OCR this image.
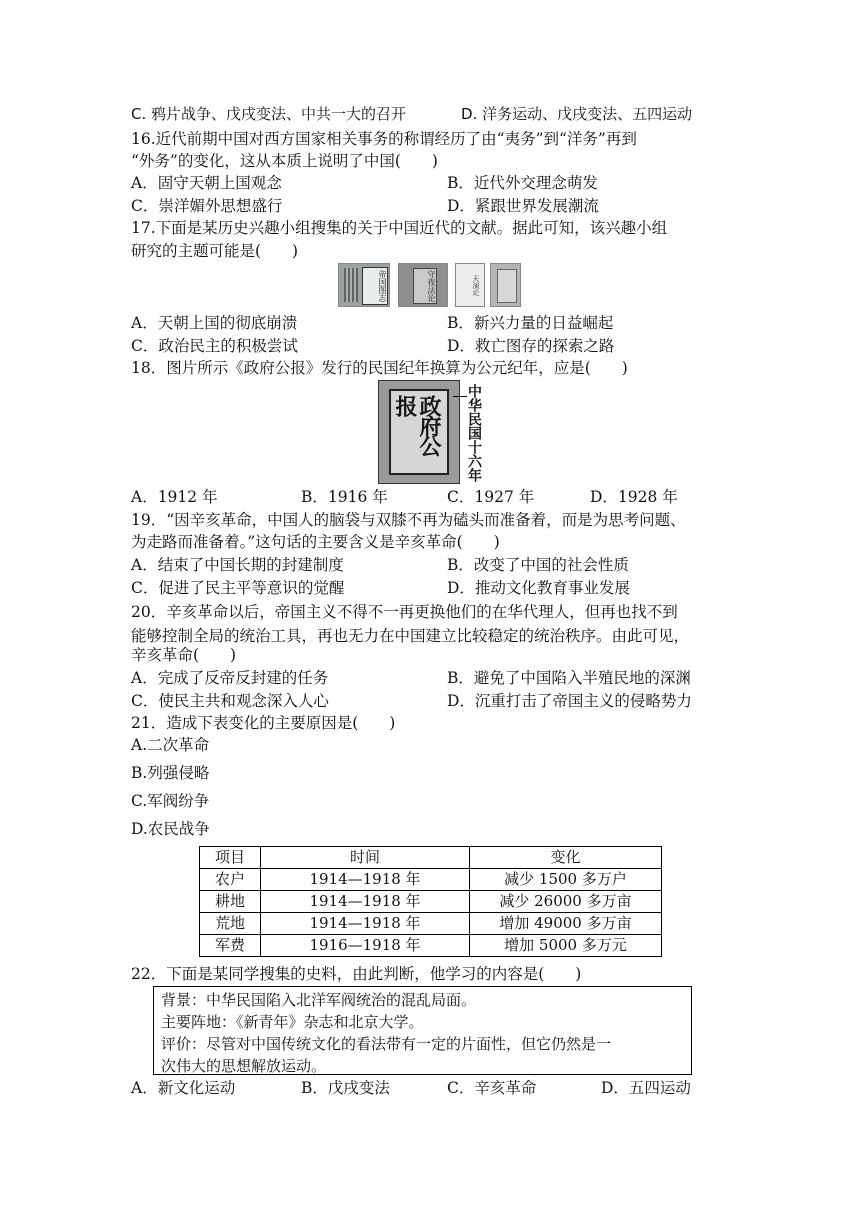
C. 鸦片战争、戊戌变法、中共一大的召开	D. 洋务运动、戊戌变法、五四运动
16.近代前期中国对西方国家相关事务的称谓经历了由“夷务”到“洋务”再到
“外务”的变化，这从本质上说明了中国(　　)
A．固守天朝上国观念	B．近代外交理念萌发
C．崇洋媚外思想盛行	D．紧跟世界发展潮流
17.下面是某历史兴趣小组搜集的关于中国近代的文献。据此可知，该兴趣小组
研究的主题可能是(　　)
帝国图志	守夜法论	天演论
A．天朝上国的彻底崩溃	B．新兴力量的日益崛起
C．政治民主的积极尝试	D．救亡图存的探索之路
18．图片所示《政府公报》发行的民国纪年换算为公元纪年，应是(　　)
政府公报	中华民国十六年
A．1912 年	B．1916 年	C．1927 年	D．1928 年
19．“因辛亥革命，中国人的脑袋与双膝不再为磕头而准备着，而是为思考问题、
为走路而准备着。”这句话的主要含义是辛亥革命(　　)
A．结束了中国长期的封建制度	B．改变了中国的社会性质
C．促进了民主平等意识的觉醒	D．推动文化教育事业发展
20．辛亥革命以后，帝国主义不得不一再更换他们的在华代理人，但再也找不到
能够控制全局的统治工具，再也无力在中国建立比较稳定的统治秩序。由此可见，
辛亥革命(　　)
A．完成了反帝反封建的任务	B．避免了中国陷入半殖民地的深渊
C．使民主共和观念深入人心	D．沉重打击了帝国主义的侵略势力
21．造成下表变化的主要原因是(　　)
A.二次革命
B.列强侵略
C.军阀纷争
D.农民战争
项目	时间	变化
农户	1914—1918 年	减少 1500 多万户
耕地	1914—1918 年	减少 26000 多万亩
荒地	1914—1918 年	增加 49000 多万亩
军费	1916—1918 年	增加 5000 多万元
22．下面是某同学搜集的史料，由此判断，他学习的内容是(　　)
背景：中华民国陷入北洋军阀统治的混乱局面。
主要阵地：《新青年》杂志和北京大学。
评价：尽管对中国传统文化的看法带有一定的片面性，但它仍然是一
次伟大的思想解放运动。
A．新文化运动	B．戊戌变法	C．辛亥革命	D．五四运动
